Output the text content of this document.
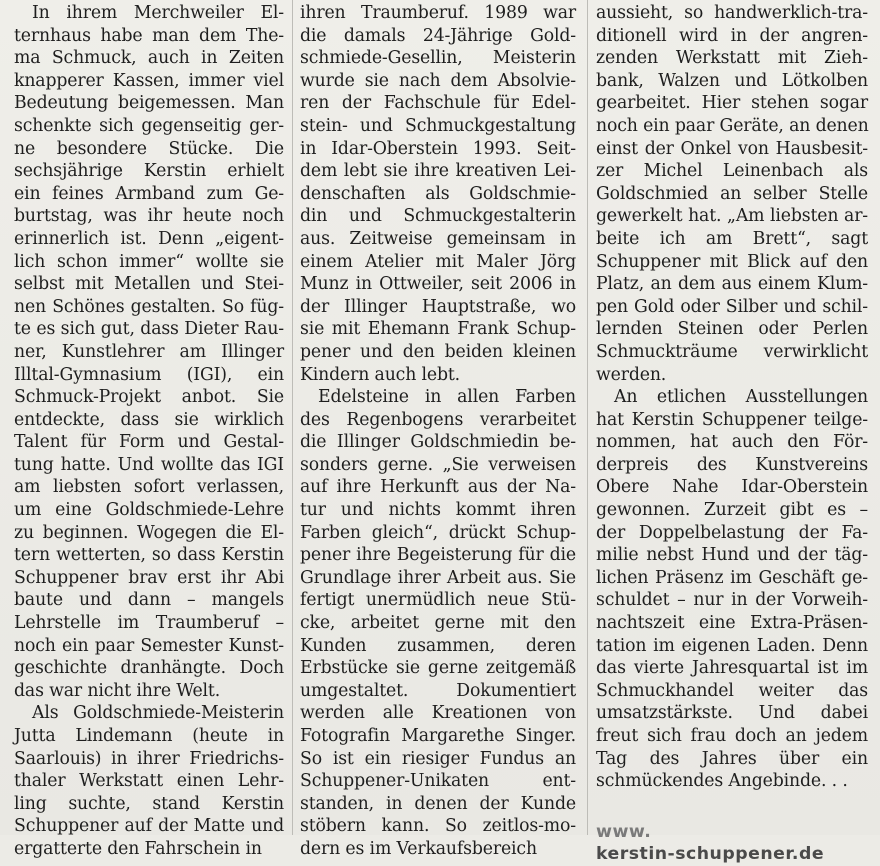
In ihrem Merchweiler El-
ternhaus habe man dem The-
ma Schmuck, auch in Zeiten
knapperer Kassen, immer viel
Bedeutung beigemessen. Man
schenkte sich gegenseitig ger-
ne besondere Stücke. Die
sechsjährige Kerstin erhielt
ein feines Armband zum Ge-
burtstag, was ihr heute noch
erinnerlich ist. Denn „eigent-
lich schon immer“ wollte sie
selbst mit Metallen und Stei-
nen Schönes gestalten. So füg-
te es sich gut, dass Dieter Rau-
ner, Kunstlehrer am Illinger
Illtal-Gymnasium (IGI), ein
Schmuck-Projekt anbot. Sie
entdeckte, dass sie wirklich
Talent für Form und Gestal-
tung hatte. Und wollte das IGI
am liebsten sofort verlassen,
um eine Goldschmiede-Lehre
zu beginnen. Wogegen die El-
tern wetterten, so dass Kerstin
Schuppener brav erst ihr Abi
baute und dann – mangels
Lehrstelle im Traumberuf –
noch ein paar Semester Kunst-
geschichte dranhängte. Doch
das war nicht ihre Welt.
Als Goldschmiede-Meisterin
Jutta Lindemann (heute in
Saarlouis) in ihrer Friedrichs-
thaler Werkstatt einen Lehr-
ling suchte, stand Kerstin
Schuppener auf der Matte und
ergatterte den Fahrschein in
ihren Traumberuf. 1989 war
die damals 24-Jährige Gold-
schmiede-Gesellin, Meisterin
wurde sie nach dem Absolvie-
ren der Fachschule für Edel-
stein- und Schmuckgestaltung
in Idar-Oberstein 1993. Seit-
dem lebt sie ihre kreativen Lei-
denschaften als Goldschmie-
din und Schmuckgestalterin
aus. Zeitweise gemeinsam in
einem Atelier mit Maler Jörg
Munz in Ottweiler, seit 2006 in
der Illinger Hauptstraße, wo
sie mit Ehemann Frank Schup-
pener und den beiden kleinen
Kindern auch lebt.
Edelsteine in allen Farben
des Regenbogens verarbeitet
die Illinger Goldschmiedin be-
sonders gerne. „Sie verweisen
auf ihre Herkunft aus der Na-
tur und nichts kommt ihren
Farben gleich“, drückt Schup-
pener ihre Begeisterung für die
Grundlage ihrer Arbeit aus. Sie
fertigt unermüdlich neue Stü-
cke, arbeitet gerne mit den
Kunden zusammen, deren
Erbstücke sie gerne zeitgemäß
umgestaltet. Dokumentiert
werden alle Kreationen von
Fotografin Margarethe Singer.
So ist ein riesiger Fundus an
Schuppener-Unikaten ent-
standen, in denen der Kunde
stöbern kann. So zeitlos-mo-
dern es im Verkaufsbereich
aussieht, so handwerklich-tra-
ditionell wird in der angren-
zenden Werkstatt mit Zieh-
bank, Walzen und Lötkolben
gearbeitet. Hier stehen sogar
noch ein paar Geräte, an denen
einst der Onkel von Hausbesit-
zer Michel Leinenbach als
Goldschmied an selber Stelle
gewerkelt hat. „Am liebsten ar-
beite ich am Brett“, sagt
Schuppener mit Blick auf den
Platz, an dem aus einem Klum-
pen Gold oder Silber und schil-
lernden Steinen oder Perlen
Schmuckträume verwirklicht
werden.
An etlichen Ausstellungen
hat Kerstin Schuppener teilge-
nommen, hat auch den För-
derpreis des Kunstvereins
Obere Nahe Idar-Oberstein
gewonnen. Zurzeit gibt es –
der Doppelbelastung der Fa-
milie nebst Hund und der täg-
lichen Präsenz im Geschäft ge-
schuldet – nur in der Vorweih-
nachtszeit eine Extra-Präsen-
tation im eigenen Laden. Denn
das vierte Jahresquartal ist im
Schmuckhandel weiter das
umsatzstärkste. Und dabei
freut sich frau doch an jedem
Tag des Jahres über ein
schmückendes Angebinde. . .
www.
kerstin-schuppener.de
